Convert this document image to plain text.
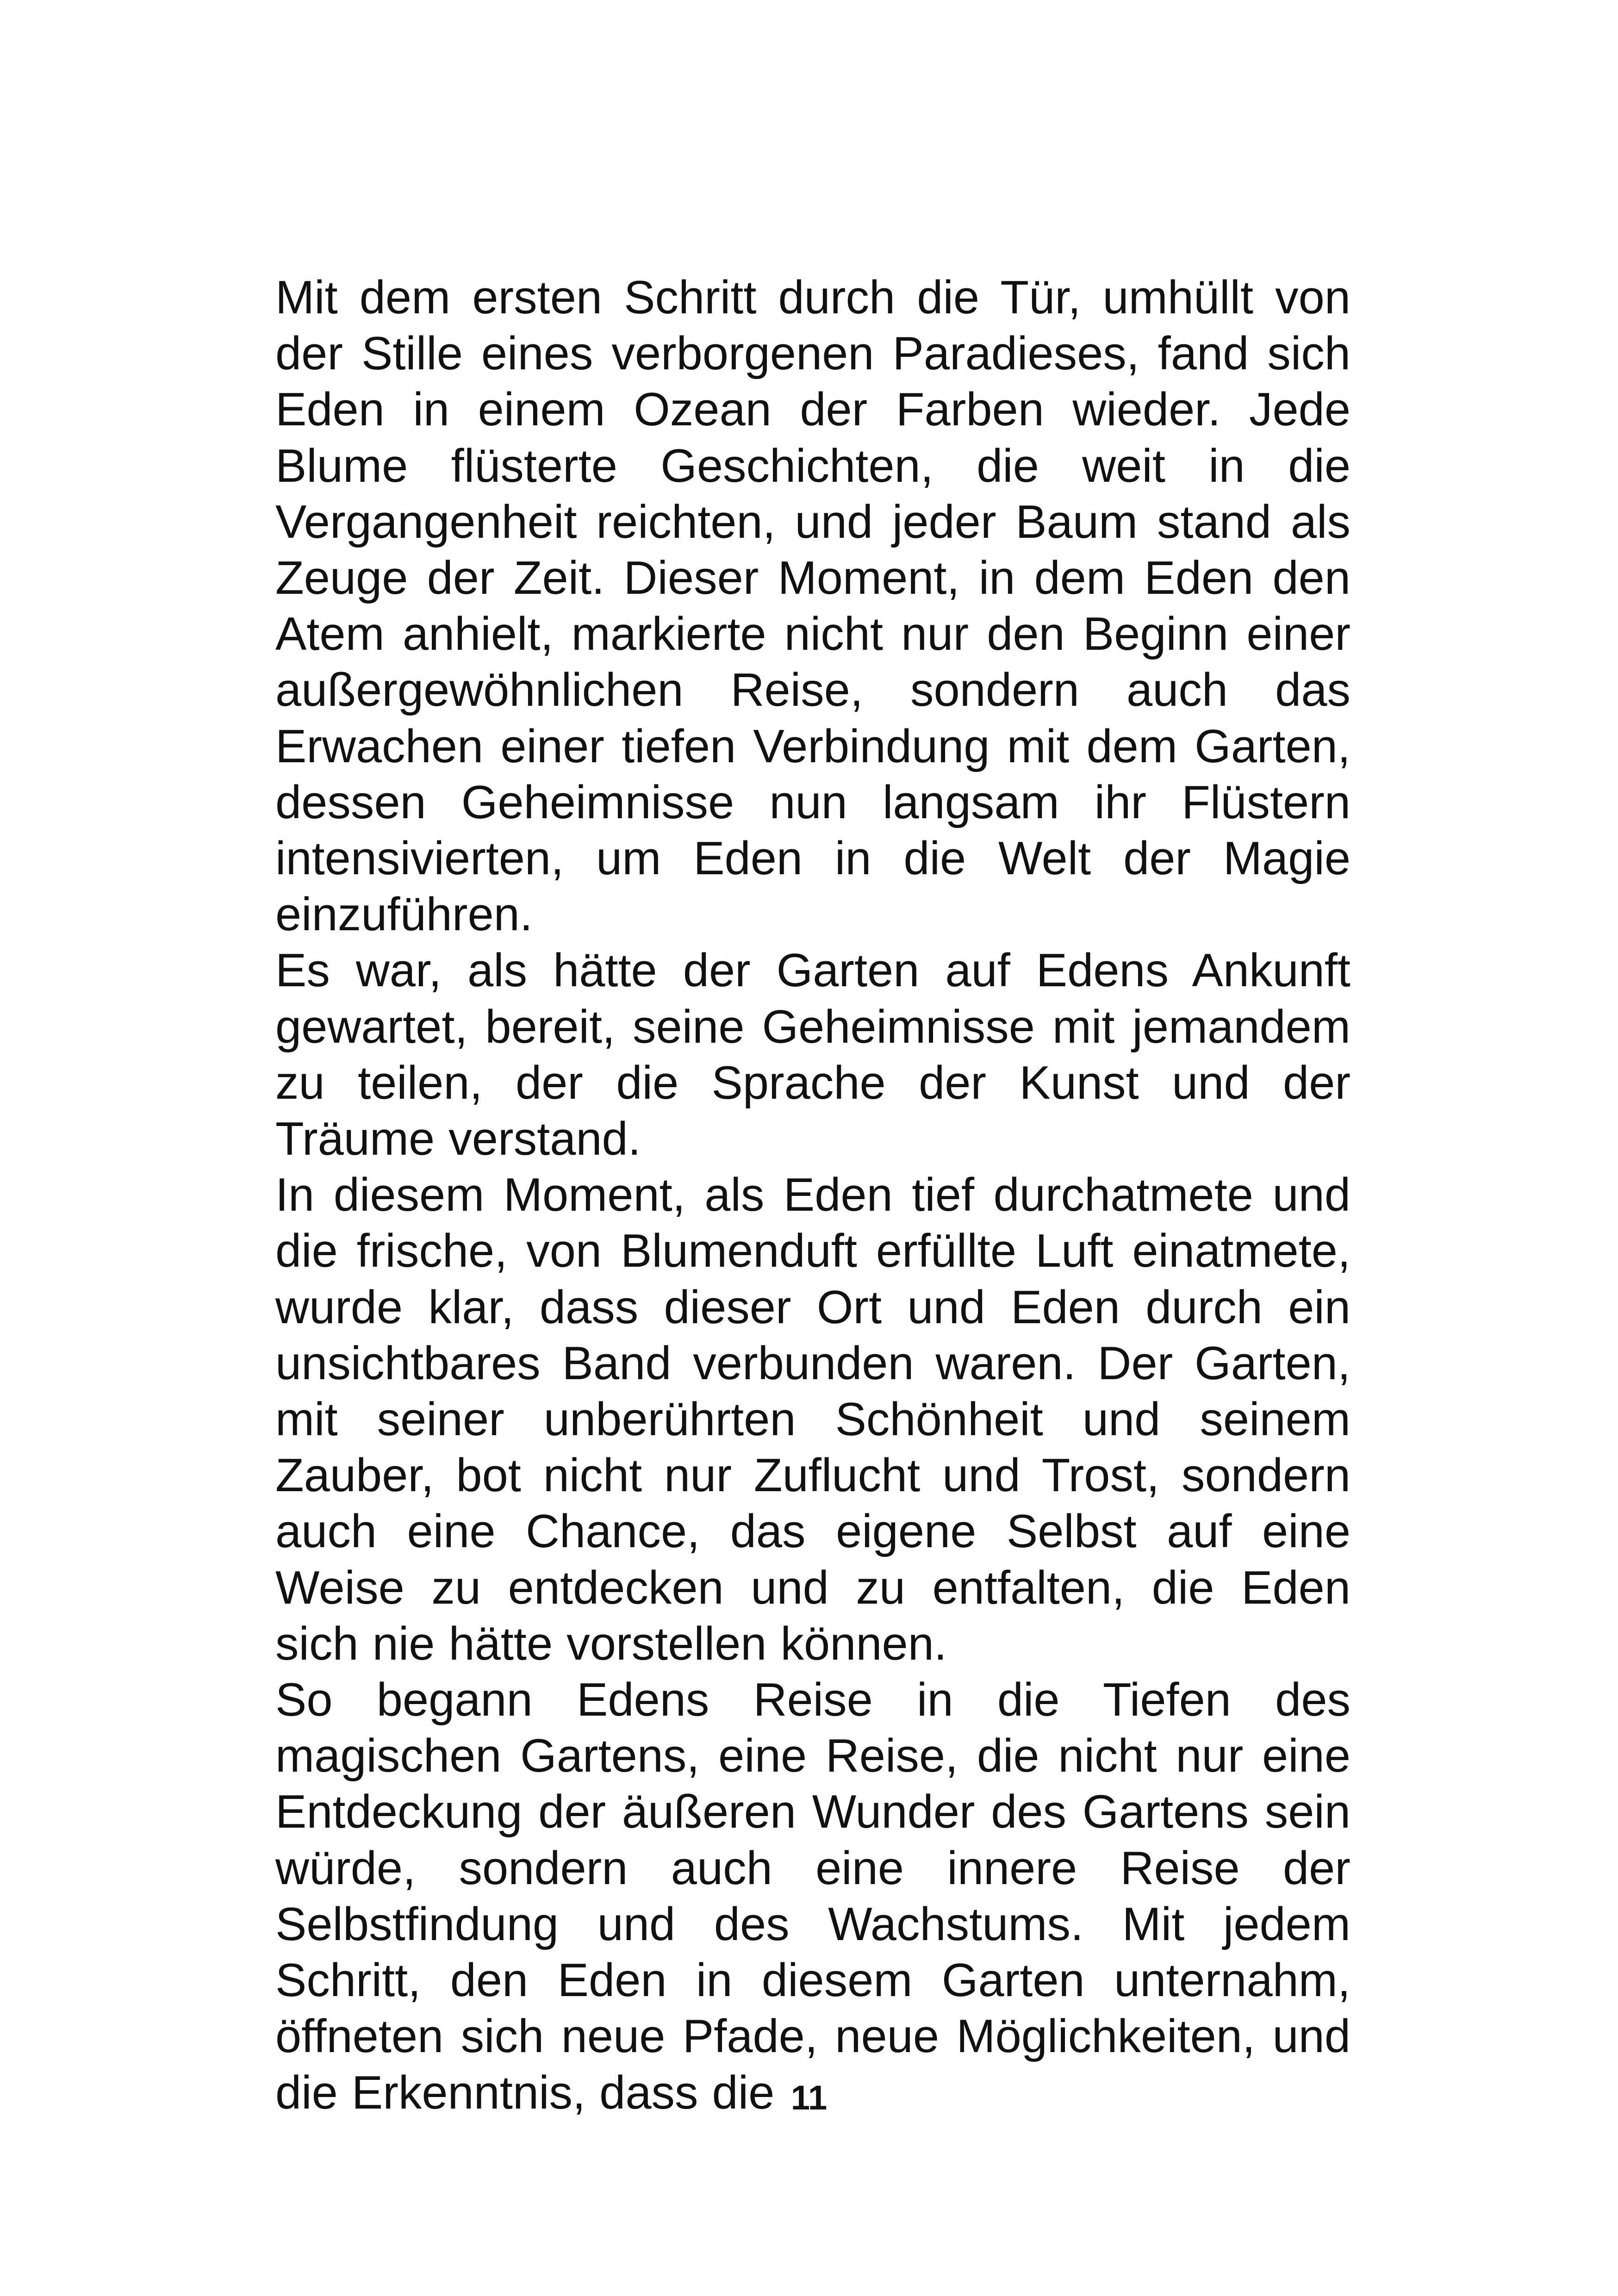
Mit dem ersten Schritt durch die Tür, umhüllt von der Stille eines verborgenen Paradieses, fand sich Eden in einem Ozean der Farben wieder. Jede Blume flüsterte Geschichten, die weit in die Vergangenheit reichten, und jeder Baum stand als Zeuge der Zeit. Dieser Moment, in dem Eden den Atem anhielt, markierte nicht nur den Beginn einer außergewöhnlichen Reise, sondern auch das Erwachen einer tiefen Verbindung mit dem Garten, dessen Geheimnisse nun langsam ihr Flüstern intensivierten, um Eden in die Welt der Magie einzuführen.

Es war, als hätte der Garten auf Edens Ankunft gewartet, bereit, seine Geheimnisse mit jemandem zu teilen, der die Sprache der Kunst und der Träume verstand.

In diesem Moment, als Eden tief durchatmete und die frische, von Blumenduft erfüllte Luft einatmete, wurde klar, dass dieser Ort und Eden durch ein unsichtbares Band verbunden waren. Der Garten, mit seiner unberührten Schönheit und seinem Zauber, bot nicht nur Zuflucht und Trost, sondern auch eine Chance, das eigene Selbst auf eine Weise zu entdecken und zu entfalten, die Eden sich nie hätte vorstellen können.

So begann Edens Reise in die Tiefen des magischen Gartens, eine Reise, die nicht nur eine Entdeckung der äußeren Wunder des Gartens sein würde, sondern auch eine innere Reise der Selbstfindung und des Wachstums. Mit jedem Schritt, den Eden in diesem Garten unternahm, öffneten sich neue Pfade, neue Möglichkeiten, und die Erkenntnis, dass die 11
